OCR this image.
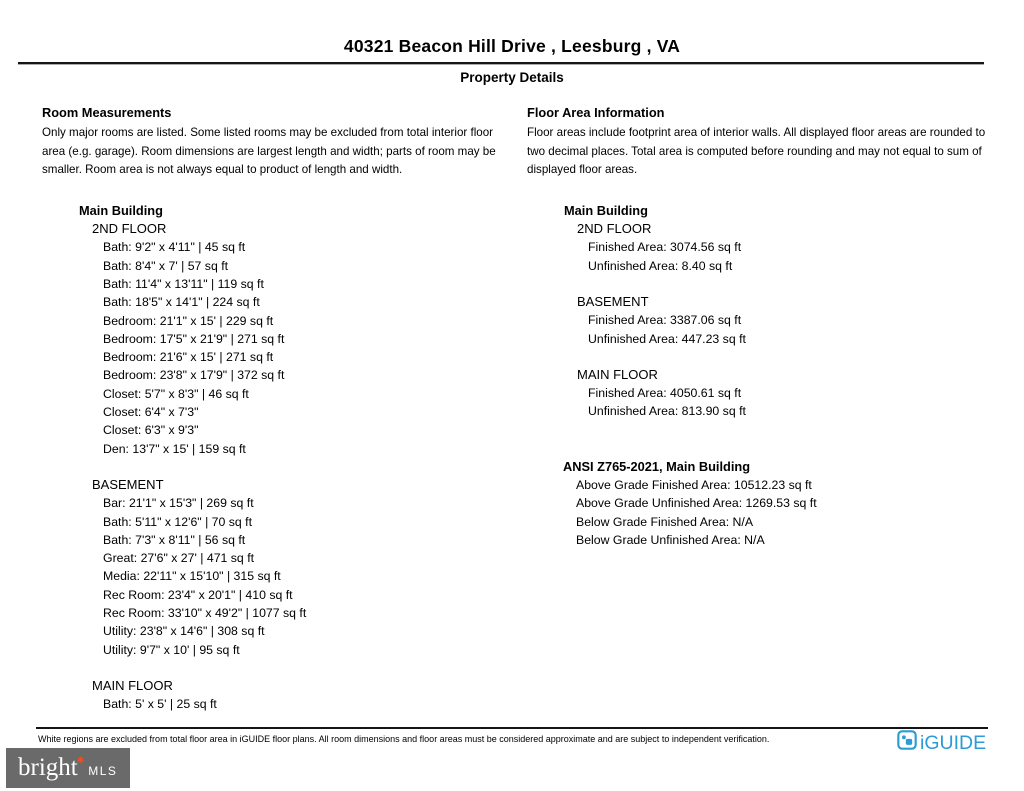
40321 Beacon Hill Drive , Leesburg , VA
Property Details
Room Measurements

Only major rooms are listed. Some listed rooms may be excluded from total interior floor area (e.g. garage). Room dimensions are largest length and width; parts of room may be smaller. Room area is not always equal to product of length and width.

Main Building
2ND FLOOR
Bath: 9'2" x 4'11" | 45 sq ft
Bath: 8'4" x 7' | 57 sq ft
Bath: 11'4" x 13'11" | 119 sq ft
Bath: 18'5" x 14'1" | 224 sq ft
Bedroom: 21'1" x 15' | 229 sq ft
Bedroom: 17'5" x 21'9" | 271 sq ft
Bedroom: 21'6" x 15' | 271 sq ft
Bedroom: 23'8" x 17'9" | 372 sq ft
Closet: 5'7" x 8'3" | 46 sq ft
Closet: 6'4" x 7'3"
Closet: 6'3" x 9'3"
Den: 13'7" x 15' | 159 sq ft
BASEMENT
Bar: 21'1" x 15'3" | 269 sq ft
Bath: 5'11" x 12'6" | 70 sq ft
Bath: 7'3" x 8'11" | 56 sq ft
Great: 27'6" x 27' | 471 sq ft
Media: 22'11" x 15'10" | 315 sq ft
Rec Room: 23'4" x 20'1" | 410 sq ft
Rec Room: 33'10" x 49'2" | 1077 sq ft
Utility: 23'8" x 14'6" | 308 sq ft
Utility: 9'7" x 10' | 95 sq ft
MAIN FLOOR
Bath: 5' x 5' | 25 sq ft
Floor Area Information

Floor areas include footprint area of interior walls. All displayed floor areas are rounded to two decimal places. Total area is computed before rounding and may not equal to sum of displayed floor areas.

Main Building
2ND FLOOR
Finished Area: 3074.56 sq ft
Unfinished Area: 8.40 sq ft
BASEMENT
Finished Area: 3387.06 sq ft
Unfinished Area: 447.23 sq ft
MAIN FLOOR
Finished Area: 4050.61 sq ft
Unfinished Area: 813.90 sq ft
ANSI Z765-2021, Main Building
Above Grade Finished Area: 10512.23 sq ft
Above Grade Unfinished Area: 1269.53 sq ft
Below Grade Finished Area: N/A
Below Grade Unfinished Area: N/A
White regions are excluded from total floor area in iGUIDE floor plans. All room dimensions and floor areas must be considered approximate and are subject to independent verification.	iGUIDE
bright ✱
MLS
